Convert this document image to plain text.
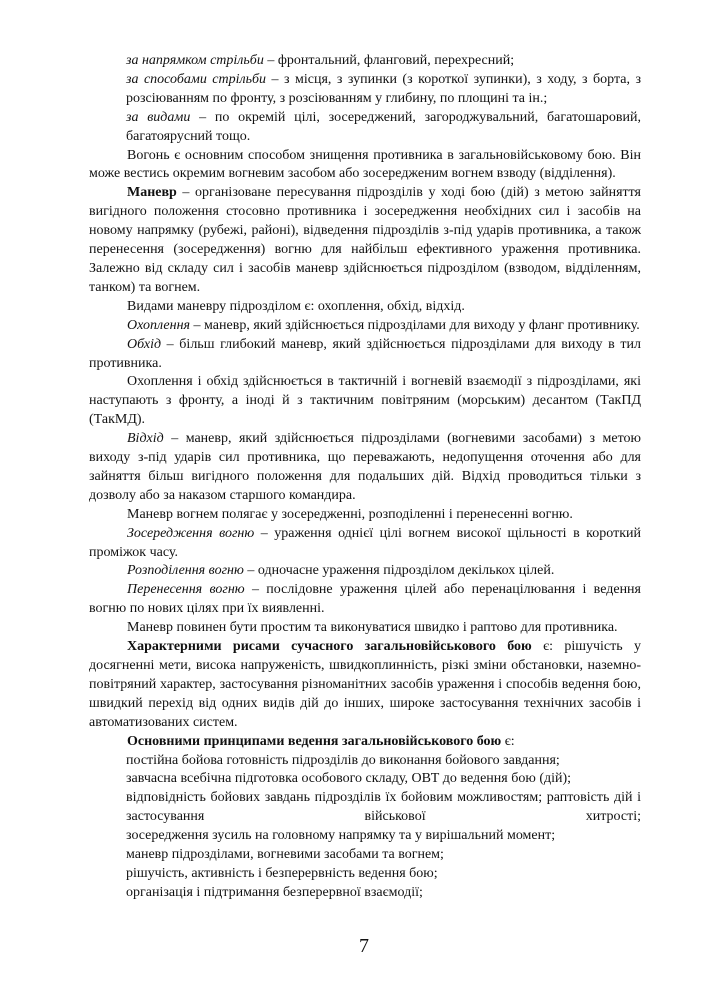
за напрямком стрільби – фронтальний, фланговий, перехресний;

за способами стрільби – з місця, з зупинки (з короткої зупинки), з ходу, з борта, з розсіюванням по фронту, з розсіюванням у глибину, по площині та ін.;

за видами – по окремій цілі, зосереджений, загороджувальний, багатошаровий, багатоярусний тощо.

Вогонь є основним способом знищення противника в загальновійськовому бою. Він може вестись окремим вогневим засобом або зосередженим вогнем взводу (відділення).

Маневр – організоване пересування підрозділів у ході бою (дій) з метою зайняття вигідного положення стосовно противника і зосередження необхідних сил і засобів на новому напрямку (рубежі, районі), відведення підрозділів з-під ударів противника, а також перенесення (зосередження) вогню для найбільш ефективного ураження противника. Залежно від складу сил і засобів маневр здійснюється підрозділом (взводом, відділенням, танком) та вогнем.

Видами маневру підрозділом є: охоплення, обхід, відхід.

Охоплення – маневр, який здійснюється підрозділами для виходу у фланг противнику.

Обхід – більш глибокий маневр, який здійснюється підрозділами для виходу в тил противника.

Охоплення і обхід здійснюється в тактичній і вогневій взаємодії з підрозділами, які наступають з фронту, а іноді й з тактичним повітряним (морським) десантом (ТакПД (ТакМД).

Відхід – маневр, який здійснюється підрозділами (вогневими засобами) з метою виходу з-під ударів сил противника, що переважають, недопущення оточення або для зайняття більш вигідного положення для подальших дій. Відхід проводиться тільки з дозволу або за наказом старшого командира.

Маневр вогнем полягає у зосередженні, розподіленні і перенесенні вогню.

Зосередження вогню – ураження однієї цілі вогнем високої щільності в короткий проміжок часу.

Розподілення вогню – одночасне ураження підрозділом декількох цілей.

Перенесення вогню – послідовне ураження цілей або перенацілювання і ведення вогню по нових цілях при їх виявленні.

Маневр повинен бути простим та виконуватися швидко і раптово для противника.

Характерними рисами сучасного загальновійськового бою є: рішучість у досягненні мети, висока напруженість, швидкоплинність, різкі зміни обстановки, наземно-повітряний характер, застосування різноманітних засобів ураження і способів ведення бою, швидкий перехід від одних видів дій до інших, широке застосування технічних засобів і автоматизованих систем.

Основними принципами ведення загальновійськового бою є:

постійна бойова готовність підрозділів до виконання бойового завдання;

завчасна всебічна підготовка особового складу, ОВТ до ведення бою (дій);

відповідність бойових завдань підрозділів їх бойовим можливостям; раптовість дій і застосування військової хитрості;

зосередження зусиль на головному напрямку та у вирішальний момент;

маневр підрозділами, вогневими засобами та вогнем;

рішучість, активність і безперервність ведення бою;

організація і підтримання безперервної взаємодії;

7
